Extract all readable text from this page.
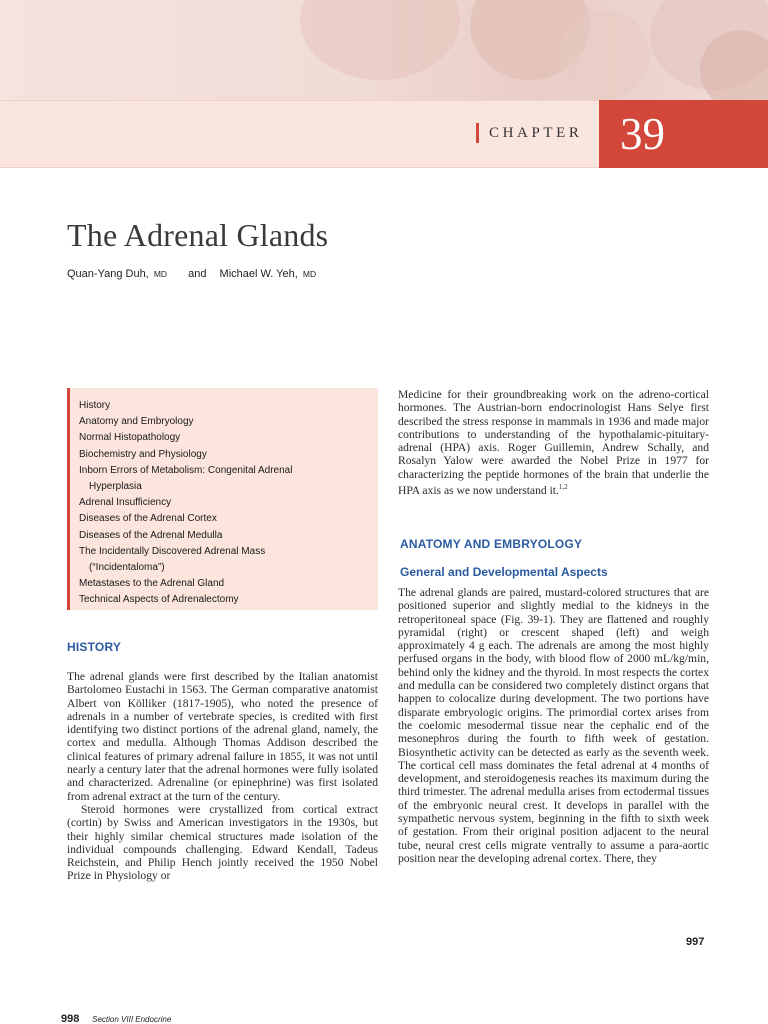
CHAPTER 39
The Adrenal Glands
Quan-Yang Duh, MD and Michael W. Yeh, MD
History
Anatomy and Embryology
Normal Histopathology
Biochemistry and Physiology
Inborn Errors of Metabolism: Congenital Adrenal
Hyperplasia
Adrenal Insufficiency
Diseases of the Adrenal Cortex
Diseases of the Adrenal Medulla
The Incidentally Discovered Adrenal Mass
(“Incidentaloma”)
Metastases to the Adrenal Gland
Technical Aspects of Adrenalectomy
HISTORY

The adrenal glands were first described by the Italian anatomist Bartolomeo Eustachi in 1563. The German comparative anatomist Albert von Kölliker (1817-1905), who noted the presence of adrenals in a number of vertebrate species, is credited with first identifying two distinct portions of the adrenal gland, namely, the cortex and medulla. Although Thomas Addison described the clinical features of primary adrenal failure in 1855, it was not until nearly a century later that the adrenal hormones were fully isolated and characterized. Adrenaline (or epinephrine) was first isolated from adrenal extract at the turn of the century.

Steroid hormones were crystallized from cortical extract (cortin) by Swiss and American investigators in the 1930s, but their highly similar chemical structures made isolation of the individual compounds challenging. Edward Kendall, Tadeus Reichstein, and Philip Hench jointly received the 1950 Nobel Prize in Physiology or

Medicine for their groundbreaking work on the adreno-cortical hormones. The Austrian-born endocrinologist Hans Selye first described the stress response in mammals in 1936 and made major contributions to understanding of the hypothalamic-pituitary-adrenal (HPA) axis. Roger Guillemin, Andrew Schally, and Rosalyn Yalow were awarded the Nobel Prize in 1977 for characterizing the peptide hormones of the brain that underlie the HPA axis as we now understand it.$^{1,2}$

ANATOMY AND EMBRYOLOGY
General and Developmental Aspects

The adrenal glands are paired, mustard-colored structures that are positioned superior and slightly medial to the kidneys in the retroperitoneal space (Fig. 39-1). They are flattened and roughly pyramidal (right) or crescent shaped (left) and weigh approximately 4 g each. The adrenals are among the most highly perfused organs in the body, with blood flow of 2000 mL/kg/min, behind only the kidney and the thyroid. In most respects the cortex and medulla can be considered two completely distinct organs that happen to colocalize during development. The two portions have disparate embryologic origins. The primordial cortex arises from the coelomic mesodermal tissue near the cephalic end of the mesonephros during the fourth to fifth week of gestation. Biosynthetic activity can be detected as early as the seventh week. The cortical cell mass dominates the fetal adrenal at 4 months of development, and steroidogenesis reaches its maximum during the third trimester. The adrenal medulla arises from ectodermal tissues of the embryonic neural crest. It develops in parallel with the sympathetic nervous system, beginning in the fifth to sixth week of gestation. From their original position adjacent to the neural tube, neural crest cells migrate ventrally to assume a para-aortic position near the developing adrenal cortex. There, they

997
998 Section VIII Endocrine
